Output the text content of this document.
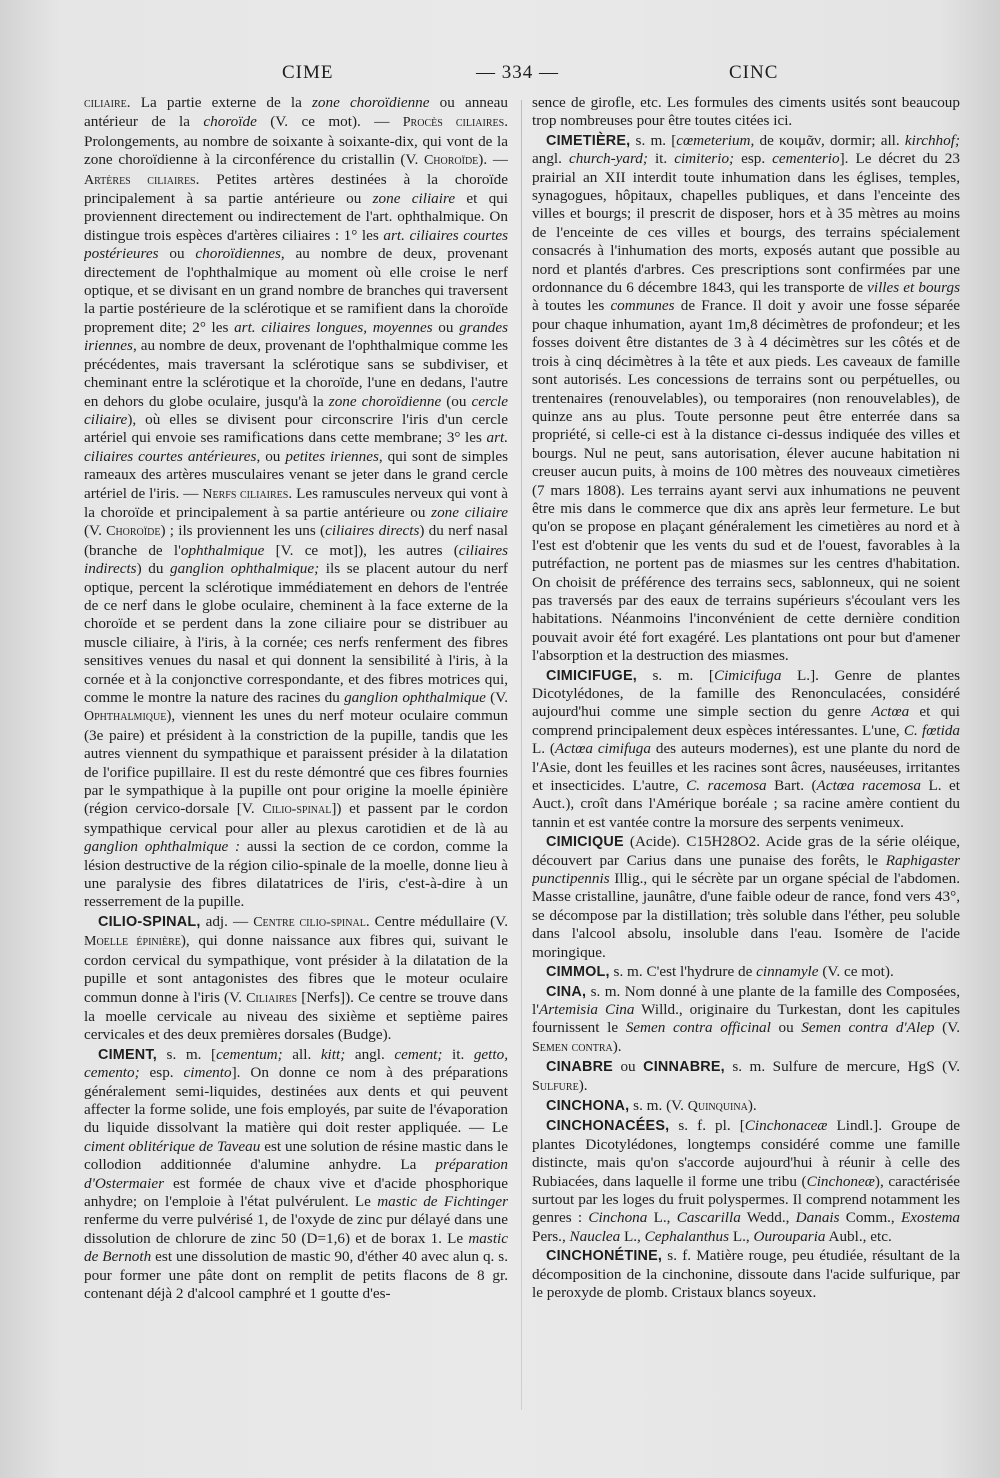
CIME	— 334 —	CINC

ciliaire. La partie externe de la zone choroïdienne ou anneau antérieur de la choroïde (V. ce mot). — Procès ciliaires. Prolongements, au nombre de soixante à soixante-dix, qui vont de la zone choroïdienne à la circonférence du cristallin (V. Choroïde). — Artères ciliaires. Petites artères destinées à la choroïde principalement à sa partie antérieure ou zone ciliaire et qui proviennent directement ou indirectement de l'art. ophthalmique. On distingue trois espèces d'artères ciliaires : 1° les art. ciliaires courtes postérieures ou choroïdiennes, au nombre de deux, provenant directement de l'ophthalmique au moment où elle croise le nerf optique, et se divisant en un grand nombre de branches qui traversent la partie postérieure de la sclérotique et se ramifient dans la choroïde proprement dite; 2° les art. ciliaires longues, moyennes ou grandes iriennes, au nombre de deux, provenant de l'ophthalmique comme les précédentes, mais traversant la sclérotique sans se subdiviser, et cheminant entre la sclérotique et la choroïde, l'une en dedans, l'autre en dehors du globe oculaire, jusqu'à la zone choroïdienne (ou cercle ciliaire), où elles se divisent pour circonscrire l'iris d'un cercle artériel qui envoie ses ramifications dans cette membrane; 3° les art. ciliaires courtes antérieures, ou petites iriennes, qui sont de simples rameaux des artères musculaires venant se jeter dans le grand cercle artériel de l'iris. — Nerfs ciliaires. Les ramuscules nerveux qui vont à la choroïde et principalement à sa partie antérieure ou zone ciliaire (V. Choroïde) ; ils proviennent les uns (ciliaires directs) du nerf nasal (branche de l'ophthalmique [V. ce mot]), les autres (ciliaires indirects) du ganglion ophthalmique; ils se placent autour du nerf optique, percent la sclérotique immédiatement en dehors de l'entrée de ce nerf dans le globe oculaire, cheminent à la face externe de la choroïde et se perdent dans la zone ciliaire pour se distribuer au muscle ciliaire, à l'iris, à la cornée; ces nerfs renferment des fibres sensitives venues du nasal et qui donnent la sensibilité à l'iris, à la cornée et à la conjonctive correspondante, et des fibres motrices qui, comme le montre la nature des racines du ganglion ophthalmique (V. Ophthalmique), viennent les unes du nerf moteur oculaire commun (3e paire) et président à la constriction de la pupille, tandis que les autres viennent du sympathique et paraissent présider à la dilatation de l'orifice pupillaire. Il est du reste démontré que ces fibres fournies par le sympathique à la pupille ont pour origine la moelle épinière (région cervico-dorsale [V. Cilio-spinal]) et passent par le cordon sympathique cervical pour aller au plexus carotidien et de là au ganglion ophthalmique : aussi la section de ce cordon, comme la lésion destructive de la région cilio-spinale de la moelle, donne lieu à une paralysie des fibres dilatatrices de l'iris, c'est-à-dire à un resserrement de la pupille.

CILIO-SPINAL, adj. — Centre cilio-spinal. Centre médullaire (V. Moelle épinière), qui donne naissance aux fibres qui, suivant le cordon cervical du sympathique, vont présider à la dilatation de la pupille et sont antagonistes des fibres que le moteur oculaire commun donne à l'iris (V. Ciliaires [Nerfs]). Ce centre se trouve dans la moelle cervicale au niveau des sixième et septième paires cervicales et des deux premières dorsales (Budge).

CIMENT, s. m. [cementum; all. kitt; angl. cement; it. getto, cemento; esp. cimento]. On donne ce nom à des préparations généralement semi-liquides, destinées aux dents et qui peuvent affecter la forme solide, une fois employés, par suite de l'évaporation du liquide dissolvant la matière qui doit rester appliquée. — Le ciment oblitérique de Taveau est une solution de résine mastic dans le collodion additionnée d'alumine anhydre. La préparation d'Ostermaier est formée de chaux vive et d'acide phosphorique anhydre; on l'emploie à l'état pulvérulent. Le mastic de Fichtinger renferme du verre pulvérisé 1, de l'oxyde de zinc pur délayé dans une dissolution de chlorure de zinc 50 (D=1,6) et de borax 1. Le mastic de Bernoth est une dissolution de mastic 90, d'éther 40 avec alun q. s. pour former une pâte dont on remplit de petits flacons de 8 gr. contenant déjà 2 d'alcool camphré et 1 goutte d'es-

sence de girofle, etc. Les formules des ciments usités sont beaucoup trop nombreuses pour être toutes citées ici.

CIMETIÈRE, s. m. [cœmeterium, de κοιμᾶν, dormir; all. kirchhof; angl. church-yard; it. cimiterio; esp. cementerio]. Le décret du 23 prairial an XII interdit toute inhumation dans les églises, temples, synagogues, hôpitaux, chapelles publiques, et dans l'enceinte des villes et bourgs; il prescrit de disposer, hors et à 35 mètres au moins de l'enceinte de ces villes et bourgs, des terrains spécialement consacrés à l'inhumation des morts, exposés autant que possible au nord et plantés d'arbres. Ces prescriptions sont confirmées par une ordonnance du 6 décembre 1843, qui les transporte de villes et bourgs à toutes les communes de France. Il doit y avoir une fosse séparée pour chaque inhumation, ayant 1m,8 décimètres de profondeur; et les fosses doivent être distantes de 3 à 4 décimètres sur les côtés et de trois à cinq décimètres à la tête et aux pieds. Les caveaux de famille sont autorisés. Les concessions de terrains sont ou perpétuelles, ou trentenaires (renouvelables), ou temporaires (non renouvelables), de quinze ans au plus. Toute personne peut être enterrée dans sa propriété, si celle-ci est à la distance ci-dessus indiquée des villes et bourgs. Nul ne peut, sans autorisation, élever aucune habitation ni creuser aucun puits, à moins de 100 mètres des nouveaux cimetières (7 mars 1808). Les terrains ayant servi aux inhumations ne peuvent être mis dans le commerce que dix ans après leur fermeture. Le but qu'on se propose en plaçant généralement les cimetières au nord et à l'est est d'obtenir que les vents du sud et de l'ouest, favorables à la putréfaction, ne portent pas de miasmes sur les centres d'habitation. On choisit de préférence des terrains secs, sablonneux, qui ne soient pas traversés par des eaux de terrains supérieurs s'écoulant vers les habitations. Néanmoins l'inconvénient de cette dernière condition pouvait avoir été fort exagéré. Les plantations ont pour but d'amener l'absorption et la destruction des miasmes.

CIMICIFUGE, s. m. [Cimicifuga L.]. Genre de plantes Dicotylédones, de la famille des Renonculacées, considéré aujourd'hui comme une simple section du genre Actœa et qui comprend principalement deux espèces intéressantes. L'une, C. fœtida L. (Actœa cimifuga des auteurs modernes), est une plante du nord de l'Asie, dont les feuilles et les racines sont âcres, nauséeuses, irritantes et insecticides. L'autre, C. racemosa Bart. (Actœa racemosa L. et Auct.), croît dans l'Amérique boréale ; sa racine amère contient du tannin et est vantée contre la morsure des serpents venimeux.

CIMICIQUE (Acide). C15H28O2. Acide gras de la série oléique, découvert par Carius dans une punaise des forêts, le Raphigaster punctipennis Illig., qui le sécrète par un organe spécial de l'abdomen. Masse cristalline, jaunâtre, d'une faible odeur de rance, fond vers 43°, se décompose par la distillation; très soluble dans l'éther, peu soluble dans l'alcool absolu, insoluble dans l'eau. Isomère de l'acide moringique.

CIMMOL, s. m. C'est l'hydrure de cinnamyle (V. ce mot).

CINA, s. m. Nom donné à une plante de la famille des Composées, l'Artemisia Cina Willd., originaire du Turkestan, dont les capitules fournissent le Semen contra officinal ou Semen contra d'Alep (V. Semen contra).

CINABRE ou CINNABRE, s. m. Sulfure de mercure, HgS (V. Sulfure).

CINCHONA, s. m. (V. Quinquina).

CINCHONACÉES, s. f. pl. [Cinchonaceæ Lindl.]. Groupe de plantes Dicotylédones, longtemps considéré comme une famille distincte, mais qu'on s'accorde aujourd'hui à réunir à celle des Rubiacées, dans laquelle il forme une tribu (Cinchoneæ), caractérisée surtout par les loges du fruit polyspermes. Il comprend notamment les genres : Cinchona L., Cascarilla Wedd., Danais Comm., Exostema Pers., Nauclea L., Cephalanthus L., Ourouparia Aubl., etc.

CINCHONÉTINE, s. f. Matière rouge, peu étudiée, résultant de la décomposition de la cinchonine, dissoute dans l'acide sulfurique, par le peroxyde de plomb. Cristaux blancs soyeux.
